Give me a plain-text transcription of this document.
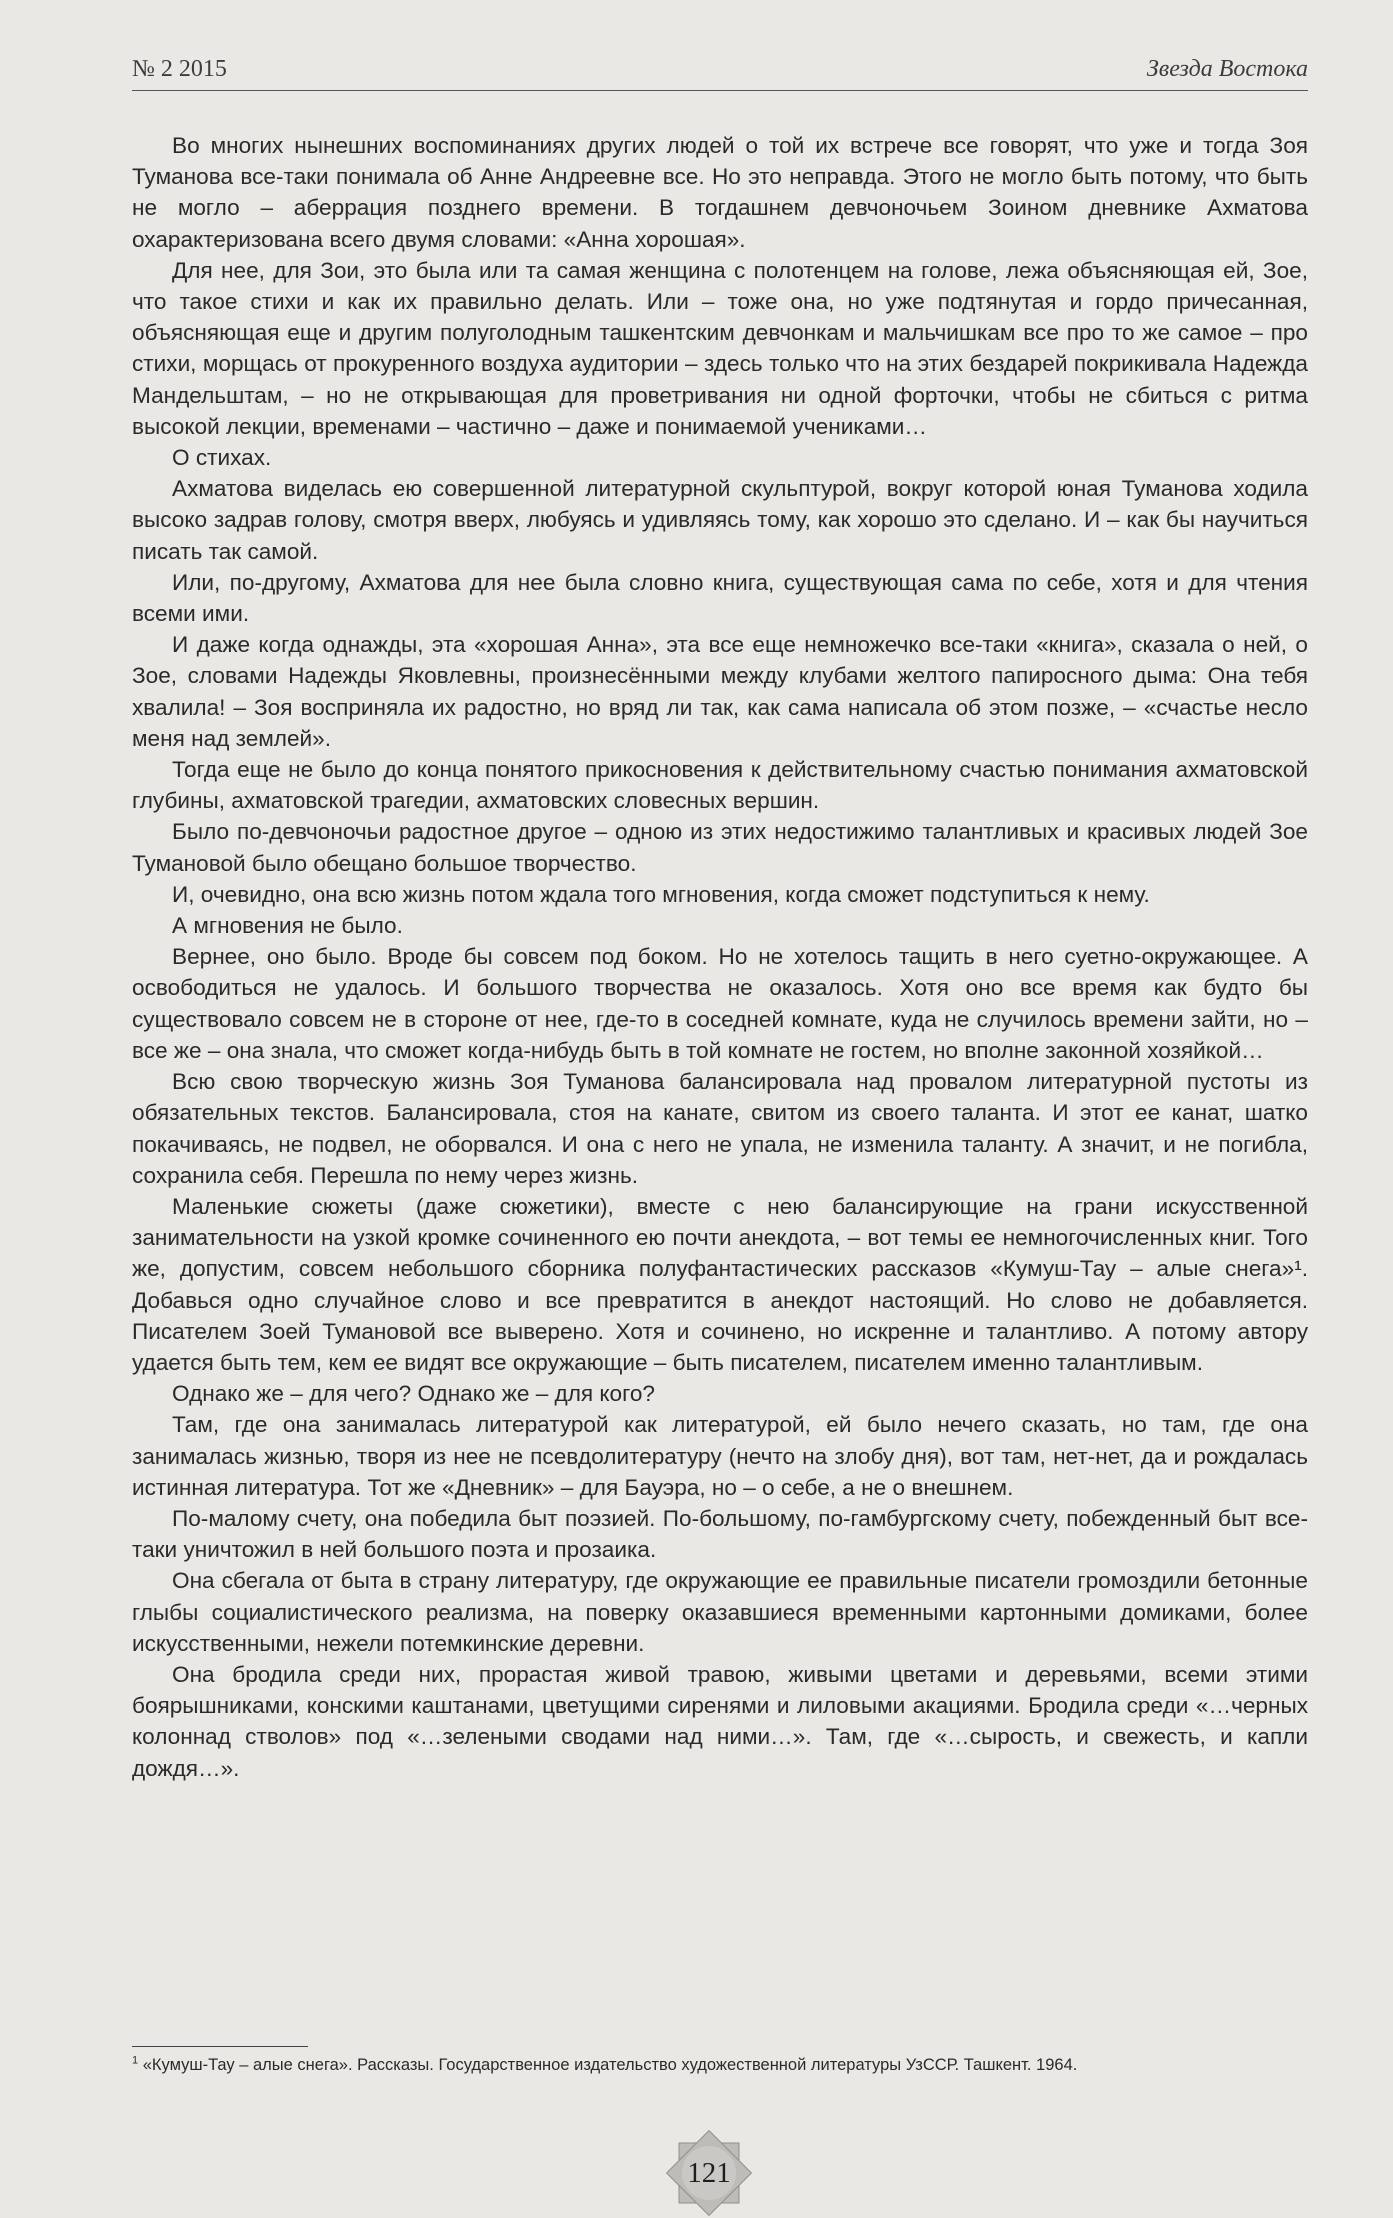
№ 2 2015	Звезда Востока

Во многих нынешних воспоминаниях других людей о той их встрече все говорят, что уже и тогда Зоя Туманова все-таки понимала об Анне Андреевне все. Но это неправда. Этого не могло быть потому, что быть не могло – аберрация позднего времени. В тогдашнем девчоночьем Зоином дневнике Ахматова охарактеризована всего двумя словами: «Анна хорошая».

Для нее, для Зои, это была или та самая женщина с полотенцем на голове, лежа объясняющая ей, Зое, что такое стихи и как их правильно делать. Или – тоже она, но уже подтянутая и гордо причесанная, объясняющая еще и другим полуголодным ташкентским девчонкам и мальчишкам все про то же самое – про стихи, морщась от прокуренного воздуха аудитории – здесь только что на этих бездарей покрикивала Надежда Мандельштам, – но не открывающая для проветривания ни одной форточки, чтобы не сбиться с ритма высокой лекции, временами – частично – даже и понимаемой учениками…

О стихах.

Ахматова виделась ею совершенной литературной скульптурой, вокруг которой юная Туманова ходила высоко задрав голову, смотря вверх, любуясь и удивляясь тому, как хорошо это сделано. И – как бы научиться писать так самой.

Или, по-другому, Ахматова для нее была словно книга, существующая сама по себе, хотя и для чтения всеми ими.

И даже когда однажды, эта «хорошая Анна», эта все еще немножечко все-таки «книга», сказала о ней, о Зое, словами Надежды Яковлевны, произнесёнными между клубами желтого папиросного дыма: Она тебя хвалила! – Зоя восприняла их радостно, но вряд ли так, как сама написала об этом позже, – «счастье несло меня над землей».

Тогда еще не было до конца понятого прикосновения к действительному счастью понимания ахматовской глубины, ахматовской трагедии, ахматовских словесных вершин.

Было по-девчоночьи радостное другое – одною из этих недостижимо талантливых и красивых людей Зое Тумановой было обещано большое творчество.

И, очевидно, она всю жизнь потом ждала того мгновения, когда сможет подступиться к нему.

А мгновения не было.

Вернее, оно было. Вроде бы совсем под боком. Но не хотелось тащить в него суетно-окружающее. А освободиться не удалось. И большого творчества не оказалось. Хотя оно все время как будто бы существовало совсем не в стороне от нее, где-то в соседней комнате, куда не случилось времени зайти, но – все же – она знала, что сможет когда-нибудь быть в той комнате не гостем, но вполне законной хозяйкой…

Всю свою творческую жизнь Зоя Туманова балансировала над провалом литературной пустоты из обязательных текстов. Балансировала, стоя на канате, свитом из своего таланта. И этот ее канат, шатко покачиваясь, не подвел, не оборвался. И она с него не упала, не изменила таланту. А значит, и не погибла, сохранила себя. Перешла по нему через жизнь.

Маленькие сюжеты (даже сюжетики), вместе с нею балансирующие на грани искусственной занимательности на узкой кромке сочиненного ею почти анекдота, – вот темы ее немногочисленных книг. Того же, допустим, совсем небольшого сборника полуфантастических рассказов «Кумуш-Тау – алые снега»¹. Добавься одно случайное слово и все превратится в анекдот настоящий. Но слово не добавляется. Писателем Зоей Тумановой все выверено. Хотя и сочинено, но искренне и талантливо. А потому автору удается быть тем, кем ее видят все окружающие – быть писателем, писателем именно талантливым.

Однако же – для чего? Однако же – для кого?

Там, где она занималась литературой как литературой, ей было нечего сказать, но там, где она занималась жизнью, творя из нее не псевдолитературу (нечто на злобу дня), вот там, нет-нет, да и рождалась истинная литература. Тот же «Дневник» – для Бауэра, но – о себе, а не о внешнем.

По-малому счету, она победила быт поэзией. По-большому, по-гамбургскому счету, побежденный быт все-таки уничтожил в ней большого поэта и прозаика.

Она сбегала от быта в страну литературу, где окружающие ее правильные писатели громоздили бетонные глыбы социалистического реализма, на поверку оказавшиеся временными картонными домиками, более искусственными, нежели потемкинские деревни.

Она бродила среди них, прорастая живой травою, живыми цветами и деревьями, всеми этими боярышниками, конскими каштанами, цветущими сиренями и лиловыми акациями. Бродила среди «…черных колоннад стволов» под «…зелеными сводами над ними…». Там, где «…сырость, и свежесть, и капли дождя…».

$^1$ «Кумуш-Тау – алые снега». Рассказы. Государственное издательство художественной литературы УзССР. Ташкент. 1964.
121
